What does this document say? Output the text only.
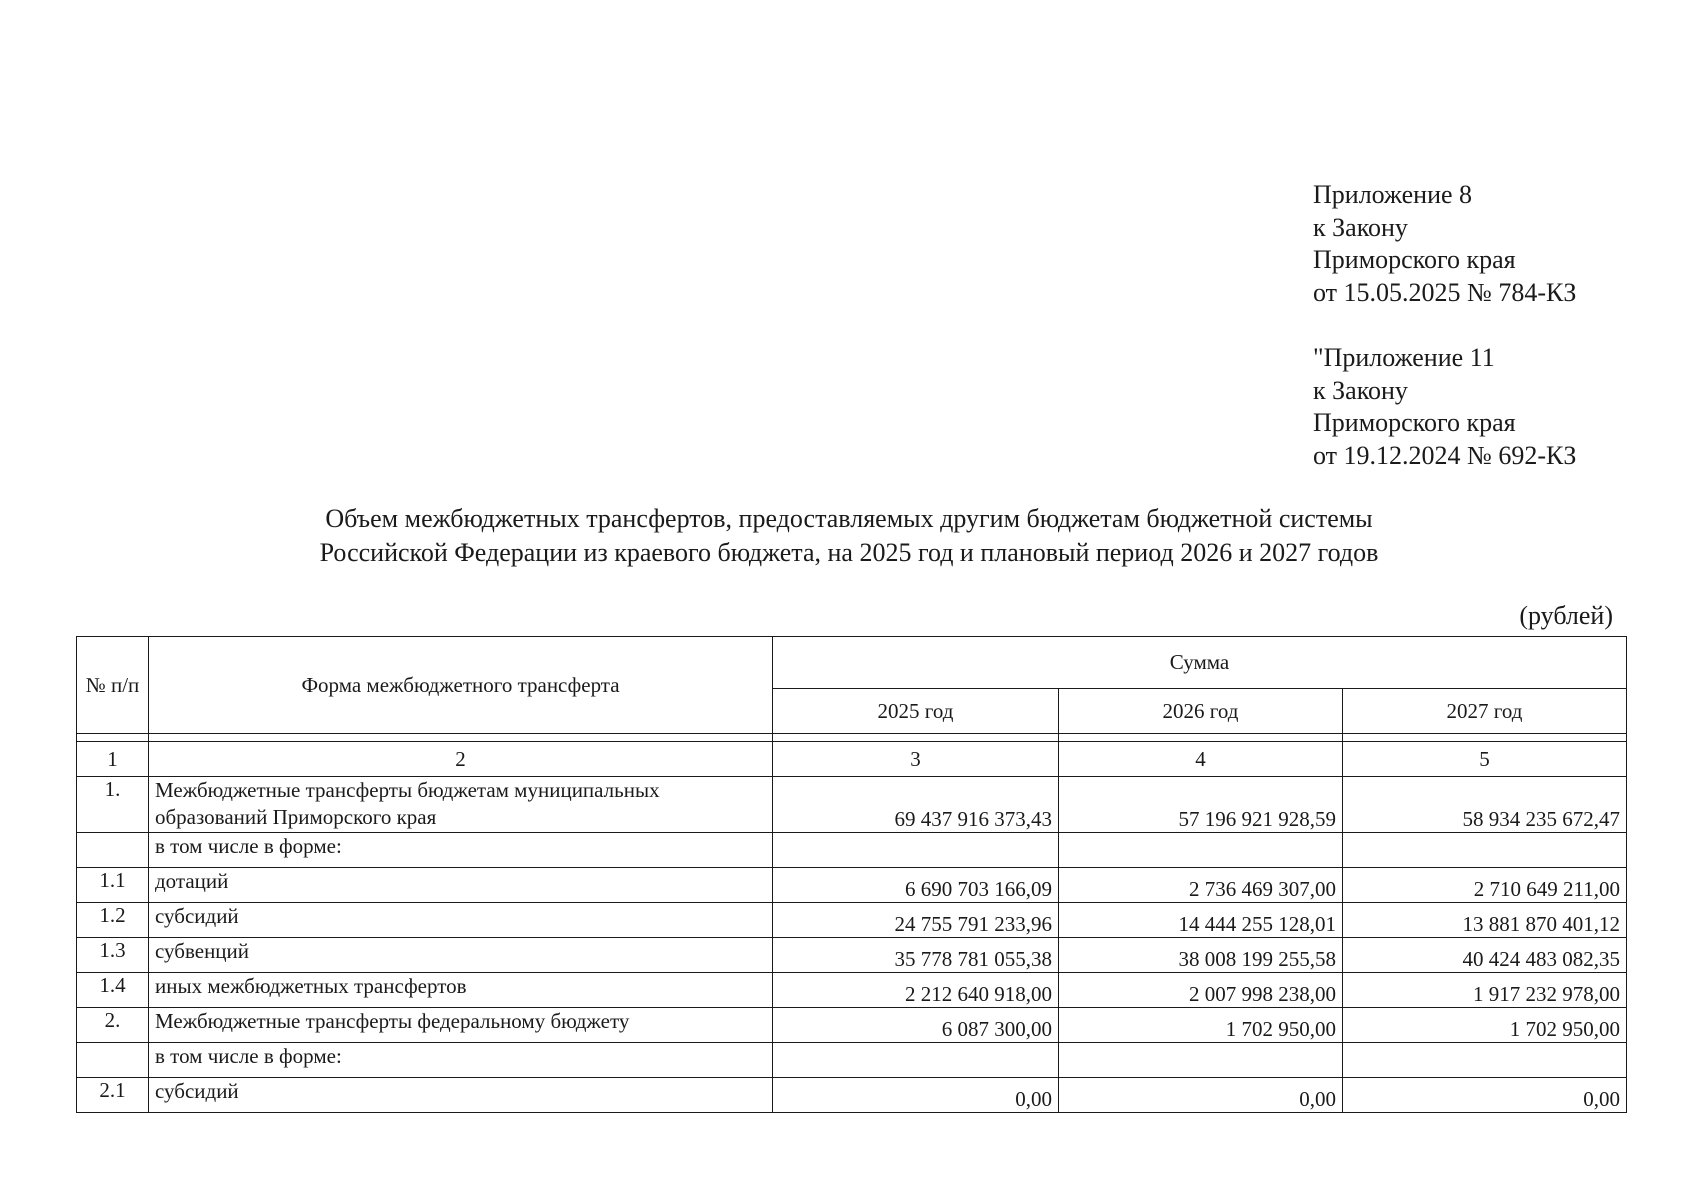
Приложение 8
к Закону
Приморского края
от 15.05.2025 № 784-КЗ
"Приложение 11
к Закону
Приморского края
от 19.12.2024 № 692-КЗ
Объем межбюджетных трансфертов, предоставляемых другим бюджетам бюджетной системы
Российской Федерации из краевого бюджета, на 2025 год и плановый период 2026 и 2027 годов
(рублей)
№ п/п	Форма межбюджетного трансферта	Сумма		
		2025 год	2026 год	2027 год

1	2	3	4	5
1.	Межбюджетные трансферты бюджетам муниципальных образований Приморского края	69 437 916 373,43	57 196 921 928,59	58 934 235 672,47
	в том числе в форме:			
1.1	дотаций	6 690 703 166,09	2 736 469 307,00	2 710 649 211,00
1.2	субсидий	24 755 791 233,96	14 444 255 128,01	13 881 870 401,12
1.3	субвенций	35 778 781 055,38	38 008 199 255,58	40 424 483 082,35
1.4	иных межбюджетных трансфертов	2 212 640 918,00	2 007 998 238,00	1 917 232 978,00
2.	Межбюджетные трансферты федеральному бюджету	6 087 300,00	1 702 950,00	1 702 950,00
	в том числе в форме:			
2.1	субсидий	0,00	0,00	0,00
